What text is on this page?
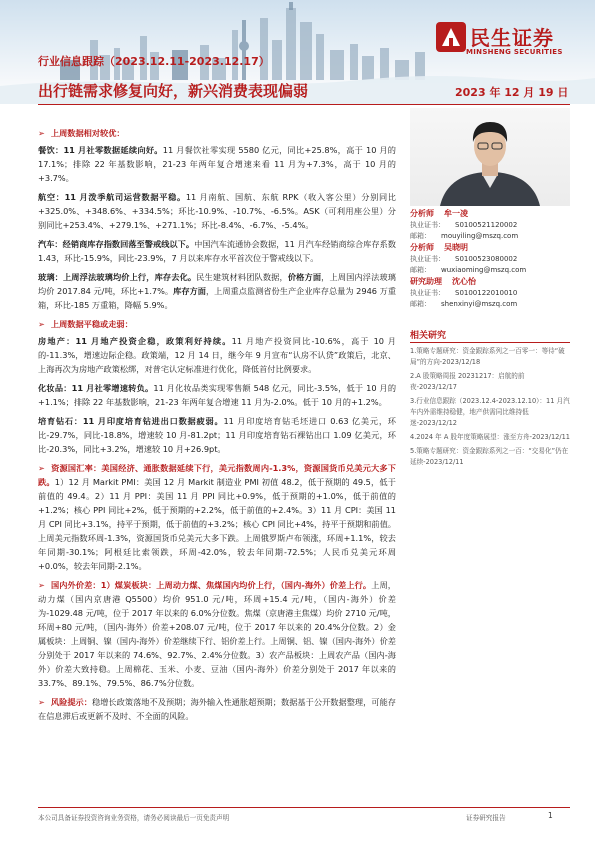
民生证券
MINSHENG SECURITIES
行业信息跟踪（2023.12.11-2023.12.17）
出行链需求修复向好，新兴消费表现偏弱	2023 年 12 月 19 日
➢ 上周数据相对较优：

餐饮：11 月社零数据延续向好。11 月餐饮社零实现 5580 亿元，同比+25.8%，高于 10 月的 17.1%；排除 22 年基数影响，21-23 年两年复合增速来看 11 月为+7.3%，高于 10 月的+3.7%。

航空：11 月泼季航司运营数据平稳。11 月南航、国航、东航 RPK（收入客公里）分别同比+325.0%、+348.6%、+334.5%；环比-10.9%、-10.7%、-6.5%。ASK（可利用座公里）分别同比+253.4%、+279.1%、+271.1%；环比-8.4%、-6.7%、-5.4%。

汽车：经销商库存指数回落至警戒线以下。中国汽车流通协会数据，11 月汽车经销商综合库存系数 1.43，环比-15.9%，同比-23.9%，7 月以来库存水平首次位于警戒线以下。

玻璃：上周浮法玻璃均价上行，库存去化。民生建筑材料团队数据，价格方面，上周国内浮法玻璃均价 2017.84 元/吨，环比+1.7%。库存方面，上周重点监测省份生产企业库存总量为 2946 万重箱，环比-185 万重箱，降幅 5.9%。

➢ 上周数据平稳或走弱：

房地产：11 月地产投资企稳，政策利好持续。11 月地产投资同比-10.6%，高于 10 月的-11.3%，增速边际企稳。政策端，12 月 14 日，继今年 9 月宣布“认房不认贷”政策后，北京、上海再次为房地产政策松绑，对普宅认定标准进行优化，降低首付比例要求。

化妆品：11 月社零增速转负。11 月化妆品类实现零售额 548 亿元，同比-3.5%，低于 10 月的+1.1%；排除 22 年基数影响，21-23 年两年复合增速 11 月为-2.0%。低于 10 月的+1.2%。

培育钻石：11 月印度培育钻进出口数据疲弱。11 月印度培育钻毛坯进口 0.63 亿美元，环比-29.7%，同比-18.8%，增速较 10 月-81.2pt；11 月印度培育钻石裸钻出口 1.09 亿美元，环比-20.3%，同比+3.2%，增速较 10 月+26.9pt。

➢ 资源国汇率：美国经济、通胀数据延续下行，美元指数周内-1.3%，资源国货币兑美元大多下跌。1）12 月 Markit PMI：美国 12 月 Markit 制造业 PMI 初值 48.2，低于预期的 49.5，低于前值的 49.4。2）11 月 PPI：美国 11 月 PPI 同比+0.9%，低于预期的+1.0%，低于前值的+1.2%；核心 PPI 同比+2%，低于预期的+2.2%，低于前值的+2.4%。3）11 月 CPI：美国 11 月 CPI 同比+3.1%，持平于预期，低于前值的+3.2%；核心 CPI 同比+4%，持平于预期和前值。上周美元指数环周-1.3%，资源国货币兑美元大多下跌。上周俄罗斯卢布领涨，环周+1.1%，较去年同期-30.1%；阿根廷比索领跌，环周-42.0%，较去年同期-72.5%；人民币兑美元环周+0.0%，较去年同期-2.1%。

➢ 国内外价差：1）煤炭板块：上周动力煤、焦煤国内均价上行，（国内-海外）价差上行。上周，动力煤（国内京唐港 Q5500）均价 951.0 元/吨，环周+15.4 元/吨，（国内-海外）价差为-1029.48 元/吨，位于 2017 年以来的 6.0%分位数。焦煤（京唐港主焦煤）均价 2710 元/吨，环周+80 元/吨，（国内-海外）价差+208.07 元/吨，位于 2017 年以来的 20.4%分位数。2）金属板块：上周铜、镍（国内-海外）价差继续下行、铝价差上行。上周铜、铝、镍（国内-海外）价差分别处于 2017 年以来的 74.6%、92.7%、2.4%分位数。3）农产品板块：上周农产品（国内-海外）价差大致持稳。上周棉花、玉米、小麦、豆油（国内-海外）价差分别处于 2017 年以来的 33.7%、89.1%、79.5%、86.7%分位数。

➢ 风险提示：稳增长政策落地不及预期；海外输入性通胀超预期；数据基于公开数据整理，可能存在信息滞后或更新不及时、不全面的风险。

分析师 牟一凌
执业证书： S0100521120002
邮箱： mouyiling@mszq.com
分析师 吴晓明
执业证书： S0100523080002
邮箱： wuxiaoming@mszq.com
研究助理 沈心怡
执业证书： S0100122010010
邮箱： shenxinyi@mszq.com
相关研究
1.策略专题研究：资金跟踪系列之一百零一：等待“破局”的方向-2023/12/18
2.A 股策略周报 20231217：启航的前夜-2023/12/17
3.行业信息跟踪（2023.12.4-2023.12.10）：11 月汽车内外需维持稳健，地产供需同比维持低迷-2023/12/12
4.2024 年 A 股年度策略展望：涨至方舟-2023/12/11
5.策略专题研究：资金跟踪系列之一百：“交易化”仍在延续-2023/12/11
本公司具备证券投资咨询业务资格，请务必阅读最后一页免责声明	证券研究报告	1
